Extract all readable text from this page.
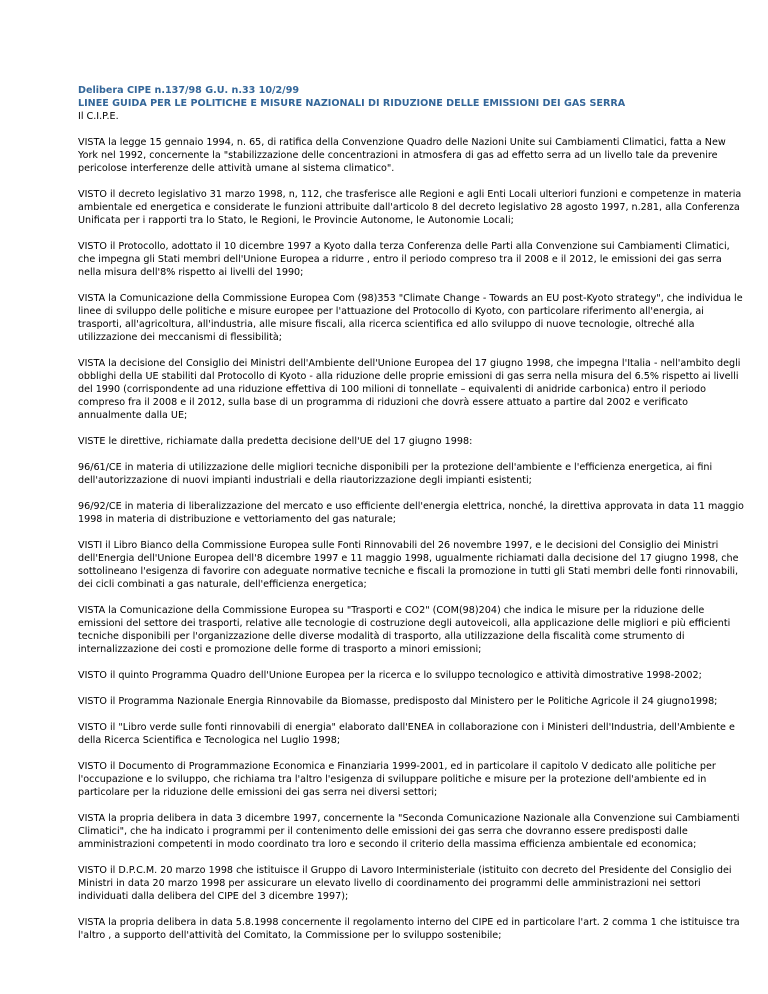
Delibera CIPE n.137/98 G.U. n.33 10/2/99
LINEE GUIDA PER LE POLITICHE E MISURE NAZIONALI DI RIDUZIONE DELLE EMISSIONI DEI GAS SERRA
Il C.I.P.E.

VISTA la legge 15 gennaio 1994, n. 65, di ratifica della Convenzione Quadro delle Nazioni Unite sui Cambiamenti Climatici, fatta a New York nel 1992, concernente la "stabilizzazione delle concentrazioni in atmosfera di gas ad effetto serra ad un livello tale da prevenire pericolose interferenze delle attività umane al sistema climatico".

VISTO il decreto legislativo 31 marzo 1998, n, 112, che trasferisce alle Regioni e agli Enti Locali ulteriori funzioni e competenze in materia ambientale ed energetica e considerate le funzioni attribuite dall'articolo 8 del decreto legislativo 28 agosto 1997, n.281, alla Conferenza Unificata per i rapporti tra lo Stato, le Regioni, le Provincie Autonome, le Autonomie Locali;

VISTO il Protocollo, adottato il 10 dicembre 1997 a Kyoto dalla terza Conferenza delle Parti alla Convenzione sui Cambiamenti Climatici, che impegna gli Stati membri dell'Unione Europea a ridurre , entro il periodo compreso tra il 2008 e il 2012, le emissioni dei gas serra nella misura dell'8% rispetto ai livelli del 1990;

VISTA la Comunicazione della Commissione Europea Com (98)353 "Climate Change - Towards an EU post-Kyoto strategy", che individua le linee di sviluppo delle politiche e misure europee per l'attuazione del Protocollo di Kyoto, con particolare riferimento all'energia, ai trasporti, all'agricoltura, all'industria, alle misure fiscali, alla ricerca scientifica ed allo sviluppo di nuove tecnologie, oltreché alla utilizzazione dei meccanismi di flessibilità;

VISTA la decisione del Consiglio dei Ministri dell'Ambiente dell'Unione Europea del 17 giugno 1998, che impegna l'Italia - nell'ambito degli obblighi della UE stabiliti dal Protocollo di Kyoto - alla riduzione delle proprie emissioni di gas serra nella misura del 6.5% rispetto ai livelli del 1990 (corrispondente ad una riduzione effettiva di 100 milioni di tonnellate – equivalenti di anidride carbonica) entro il periodo compreso fra il 2008 e il 2012, sulla base di un programma di riduzioni che dovrà essere attuato a partire dal 2002 e verificato annualmente dalla UE;

VISTE le direttive, richiamate dalla predetta decisione dell'UE del 17 giugno 1998:

96/61/CE in materia di utilizzazione delle migliori tecniche disponibili per la protezione dell'ambiente e l'efficienza energetica, ai fini dell'autorizzazione di nuovi impianti industriali e della riautorizzazione degli impianti esistenti;

96/92/CE in materia di liberalizzazione del mercato e uso efficiente dell'energia elettrica, nonché, la direttiva approvata in data 11 maggio 1998 in materia di distribuzione e vettoriamento del gas naturale;

VISTI il Libro Bianco della Commissione Europea sulle Fonti Rinnovabili del 26 novembre 1997, e le decisioni del Consiglio dei Ministri dell'Energia dell'Unione Europea dell'8 dicembre 1997 e 11 maggio 1998, ugualmente richiamati dalla decisione del 17 giugno 1998, che sottolineano l'esigenza di favorire con adeguate normative tecniche e fiscali la promozione in tutti gli Stati membri delle fonti rinnovabili, dei cicli combinati a gas naturale, dell'efficienza energetica;

VISTA la Comunicazione della Commissione Europea su "Trasporti e CO2" (COM(98)204) che indica le misure per la riduzione delle emissioni del settore dei trasporti, relative alle tecnologie di costruzione degli autoveicoli, alla applicazione delle migliori e più efficienti tecniche disponibili per l'organizzazione delle diverse modalità di trasporto, alla utilizzazione della fiscalità come strumento di internalizzazione dei costi e promozione delle forme di trasporto a minori emissioni;

VISTO il quinto Programma Quadro dell'Unione Europea per la ricerca e lo sviluppo tecnologico e attività dimostrative 1998-2002;

VISTO il Programma Nazionale Energia Rinnovabile da Biomasse, predisposto dal Ministero per le Politiche Agricole il 24 giugno1998;

VISTO il "Libro verde sulle fonti rinnovabili di energia" elaborato dall'ENEA in collaborazione con i Ministeri dell'Industria, dell'Ambiente e della Ricerca Scientifica e Tecnologica nel Luglio 1998;

VISTO il Documento di Programmazione Economica e Finanziaria 1999-2001, ed in particolare il capitolo V dedicato alle politiche per l'occupazione e lo sviluppo, che richiama tra l'altro l'esigenza di sviluppare politiche e misure per la protezione dell'ambiente ed in particolare per la riduzione delle emissioni dei gas serra nei diversi settori;

VISTA la propria delibera in data 3 dicembre 1997, concernente la "Seconda Comunicazione Nazionale alla Convenzione sui Cambiamenti Climatici", che ha indicato i programmi per il contenimento delle emissioni dei gas serra che dovranno essere predisposti dalle amministrazioni competenti in modo coordinato tra loro e secondo il criterio della massima efficienza ambientale ed economica;

VISTO il D.P.C.M. 20 marzo 1998 che istituisce il Gruppo di Lavoro Interministeriale (istituito con decreto del Presidente del Consiglio dei Ministri in data 20 marzo 1998 per assicurare un elevato livello di coordinamento dei programmi delle amministrazioni nei settori individuati dalla delibera del CIPE del 3 dicembre 1997);

VISTA la propria delibera in data 5.8.1998 concernente il regolamento interno del CIPE ed in particolare l'art. 2 comma 1 che istituisce tra l'altro , a supporto dell'attività del Comitato, la Commissione per lo sviluppo sostenibile;
